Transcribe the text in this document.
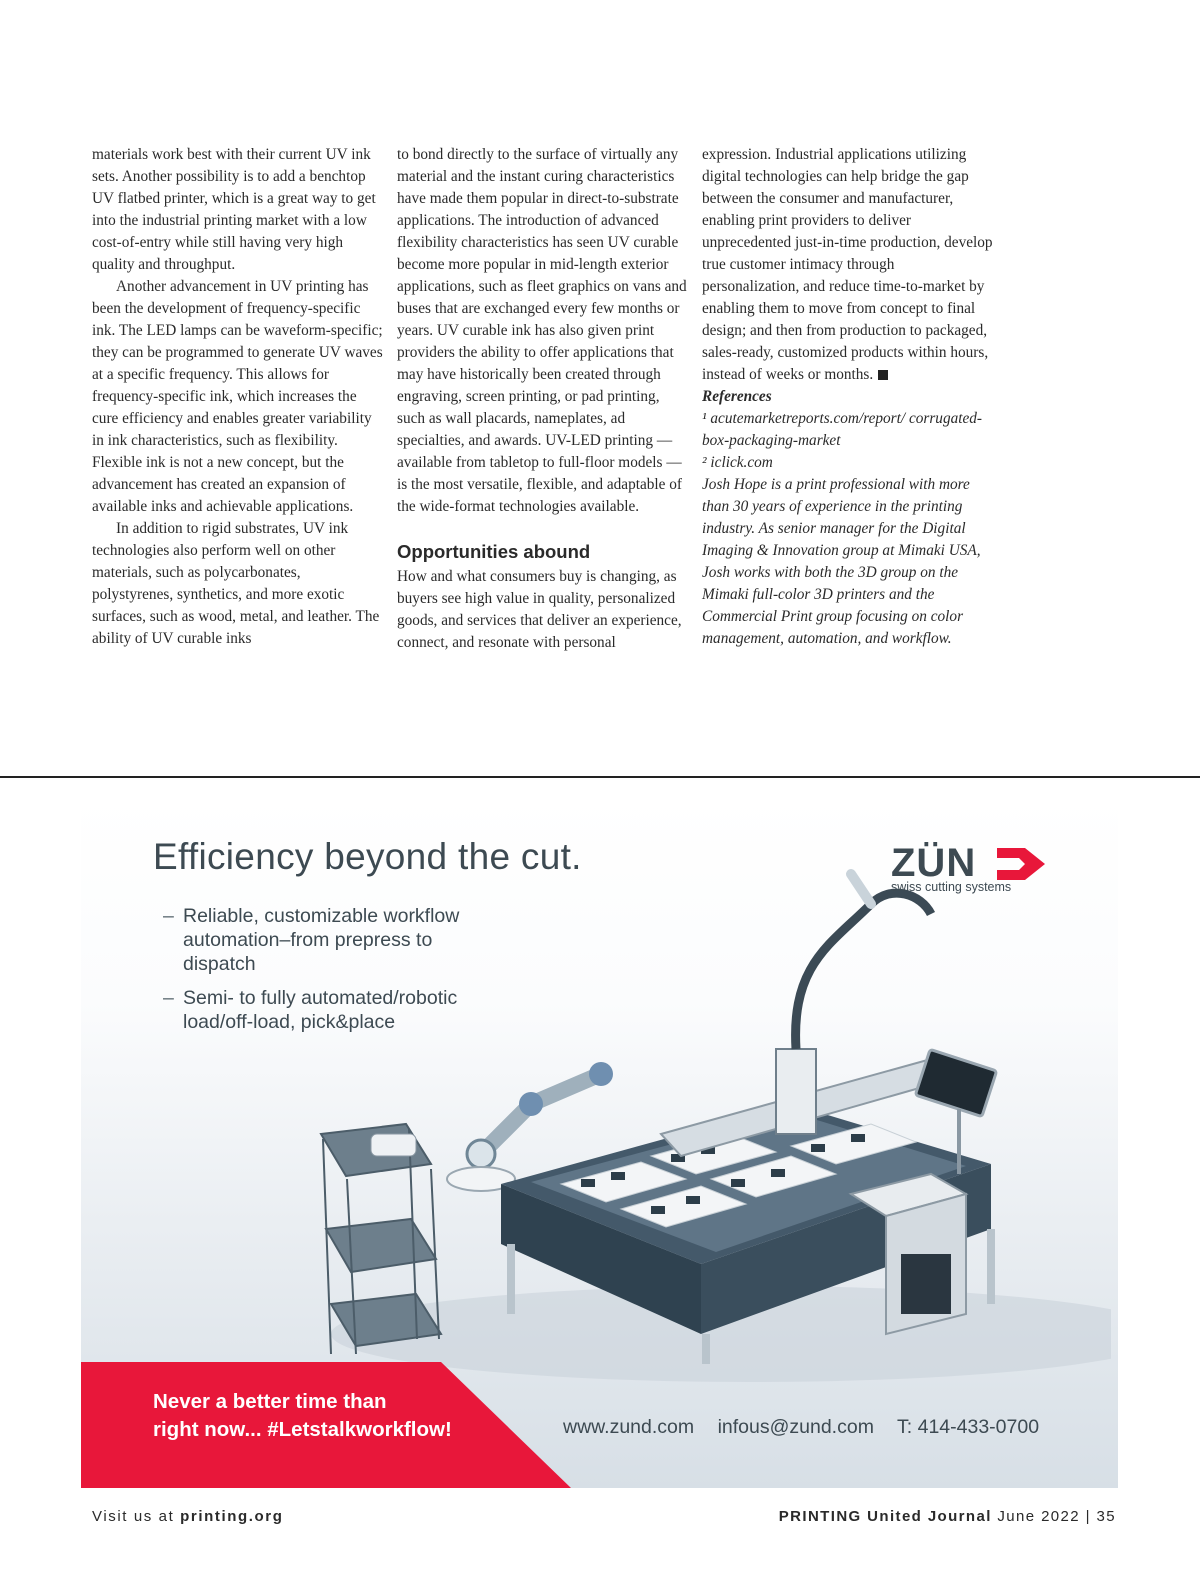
materials work best with their current UV ink sets. Another possibility is to add a benchtop UV flatbed printer, which is a great way to get into the industrial printing market with a low cost-of-entry while still having very high quality and throughput.

Another advancement in UV printing has been the development of frequency-specific ink. The LED lamps can be waveform-specific; they can be programmed to generate UV waves at a specific frequency. This allows for frequency-specific ink, which increases the cure efficiency and enables greater variability in ink characteristics, such as flexibility. Flexible ink is not a new concept, but the advancement has created an expansion of available inks and achievable applications.

In addition to rigid substrates, UV ink technologies also perform well on other materials, such as polycarbonates, polystyrenes, synthetics, and more exotic surfaces, such as wood, metal, and leather. The ability of UV curable inks

to bond directly to the surface of virtually any material and the instant curing characteristics have made them popular in direct-to-substrate applications. The introduction of advanced flexibility characteristics has seen UV curable become more popular in mid-length exterior applications, such as fleet graphics on vans and buses that are exchanged every few months or years. UV curable ink has also given print providers the ability to offer applications that may have historically been created through engraving, screen printing, or pad printing, such as wall placards, nameplates, ad specialties, and awards. UV-LED printing — available from tabletop to full-floor models — is the most versatile, flexible, and adaptable of the wide-format technologies available.

Opportunities abound

How and what consumers buy is changing, as buyers see high value in quality, personalized goods, and services that deliver an experience, connect, and resonate with personal

expression. Industrial applications utilizing digital technologies can help bridge the gap between the consumer and manufacturer, enabling print providers to deliver unprecedented just-in-time production, develop true customer intimacy through personalization, and reduce time-to-market by enabling them to move from concept to final design; and then from production to packaged, sales-ready, customized products within hours, instead of weeks or months.

References

¹ acutemarketreports.com/report/ corrugated-box-packaging-market

² iclick.com

Josh Hope is a print professional with more than 30 years of experience in the printing industry. As senior manager for the Digital Imaging & Innovation group at Mimaki USA, Josh works with both the 3D group on the Mimaki full-color 3D printers and the Commercial Print group focusing on color management, automation, and workflow.

Efficiency beyond the cut.
– Reliable, customizable workflow automation–from prepress to dispatch
– Semi- to fully automated/robotic load/off-load, pick&place
ZÜN
swiss cutting systems
Never a better time than
right now... #Letstalkworkflow!	www.zund.com infous@zund.com T: 414-433-0700
Visit us at printing.org	PRINTING United Journal June 2022 | 35
